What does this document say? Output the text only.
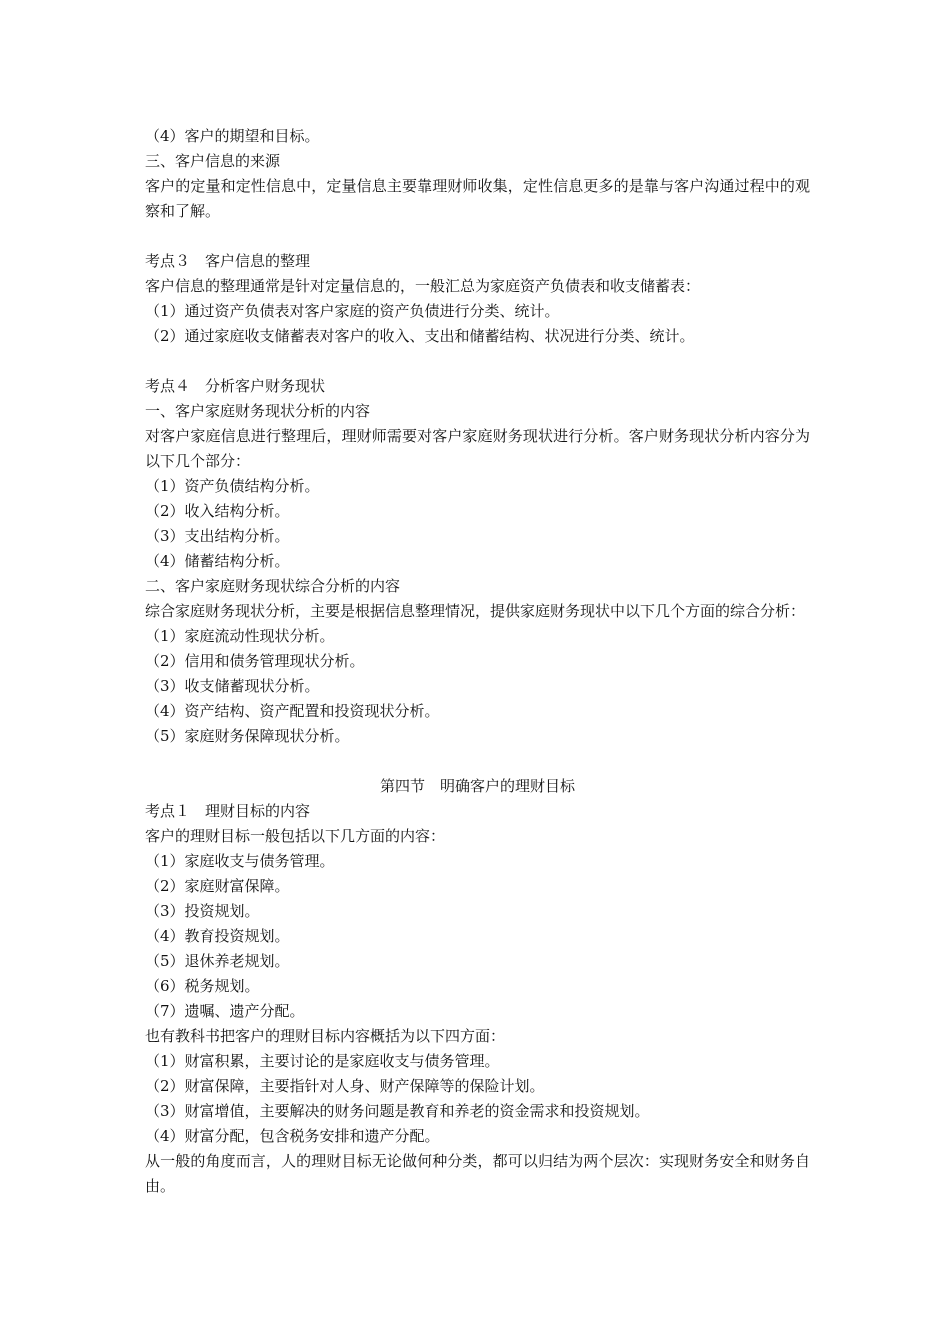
（4）客户的期望和目标。

三、客户信息的来源

客户的定量和定性信息中，定量信息主要靠理财师收集，定性信息更多的是靠与客户沟通过程中的观察和了解。

考点３　客户信息的整理

客户信息的整理通常是针对定量信息的，一般汇总为家庭资产负债表和收支储蓄表：

（1）通过资产负债表对客户家庭的资产负债进行分类、统计。

（2）通过家庭收支储蓄表对客户的收入、支出和储蓄结构、状况进行分类、统计。

考点４　分析客户财务现状

一、客户家庭财务现状分析的内容

对客户家庭信息进行整理后，理财师需要对客户家庭财务现状进行分析。客户财务现状分析内容分为以下几个部分：

（1）资产负债结构分析。

（2）收入结构分析。

（3）支出结构分析。

（4）储蓄结构分析。

二、客户家庭财务现状综合分析的内容

综合家庭财务现状分析，主要是根据信息整理情况，提供家庭财务现状中以下几个方面的综合分析：

（1）家庭流动性现状分析。

（2）信用和债务管理现状分析。

（3）收支储蓄现状分析。

（4）资产结构、资产配置和投资现状分析。

（5）家庭财务保障现状分析。

第四节　明确客户的理财目标

考点１　理财目标的内容

客户的理财目标一般包括以下几方面的内容：

（1）家庭收支与债务管理。

（2）家庭财富保障。

（3）投资规划。

（4）教育投资规划。

（5）退休养老规划。

（6）税务规划。

（7）遗嘱、遗产分配。

也有教科书把客户的理财目标内容概括为以下四方面：

（1）财富积累，主要讨论的是家庭收支与债务管理。

（2）财富保障，主要指针对人身、财产保障等的保险计划。

（3）财富增值，主要解决的财务问题是教育和养老的资金需求和投资规划。

（4）财富分配，包含税务安排和遗产分配。

从一般的角度而言，人的理财目标无论做何种分类，都可以归结为两个层次：实现财务安全和财务自由。
